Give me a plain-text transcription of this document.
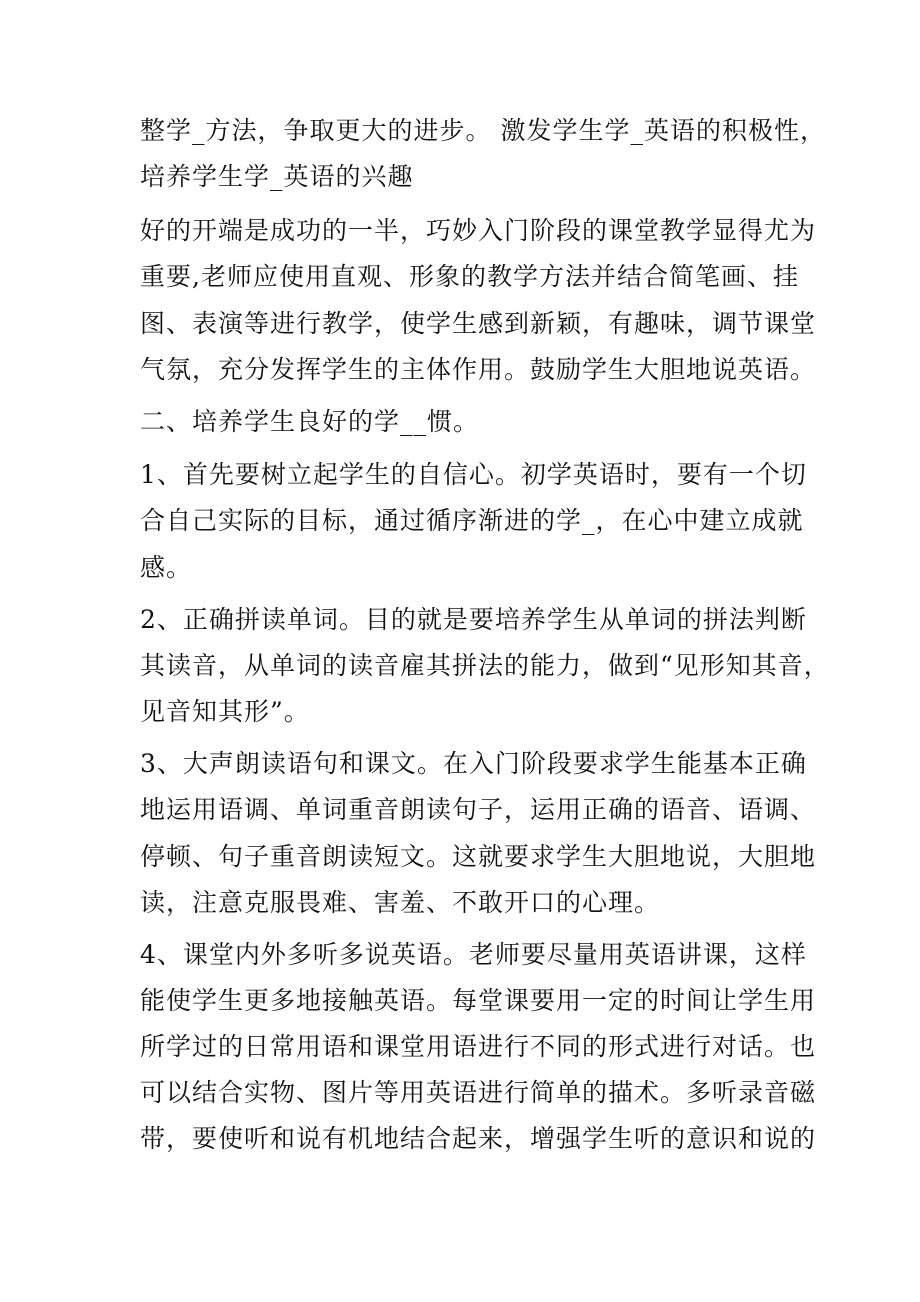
整学_方法，争取更大的进步。 激发学生学_英语的积极性，
培养学生学_英语的兴趣
好的开端是成功的一半，巧妙入门阶段的课堂教学显得尤为
重要,老师应使用直观、形象的教学方法并结合简笔画、挂
图、表演等进行教学，使学生感到新颖，有趣味，调节课堂
气氛，充分发挥学生的主体作用。鼓励学生大胆地说英语。
二、培养学生良好的学__惯。
1、首先要树立起学生的自信心。初学英语时，要有一个切
合自己实际的目标，通过循序渐进的学_，在心中建立成就
感。
2、正确拼读单词。目的就是要培养学生从单词的拼法判断
其读音，从单词的读音雇其拼法的能力，做到“见形知其音，
见音知其形”。
3、大声朗读语句和课文。在入门阶段要求学生能基本正确
地运用语调、单词重音朗读句子，运用正确的语音、语调、
停顿、句子重音朗读短文。这就要求学生大胆地说，大胆地
读，注意克服畏难、害羞、不敢开口的心理。
4、课堂内外多听多说英语。老师要尽量用英语讲课，这样
能使学生更多地接触英语。每堂课要用一定的时间让学生用
所学过的日常用语和课堂用语进行不同的形式进行对话。也
可以结合实物、图片等用英语进行简单的描术。多听录音磁
带，要使听和说有机地结合起来，增强学生听的意识和说的
